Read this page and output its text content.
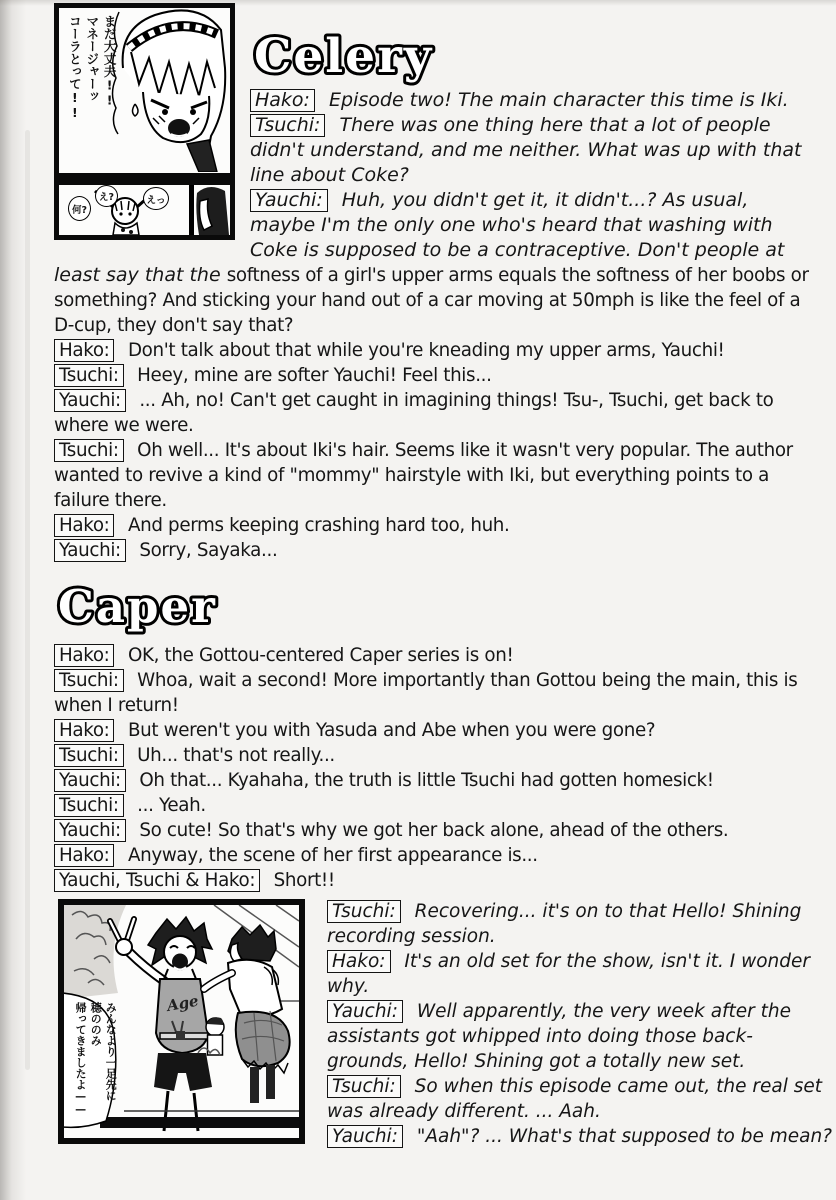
まだ大丈夫!!
マネージャーッ
コーラとって!!
えっ
え?
何?
Celery

Hako: Episode two! The main character this time is Iki.

Tsuchi: There was one thing here that a lot of people didn't understand, and me neither. What was up with that line about Coke?

Yauchi: Huh, you didn't get it, it didn't...? As usual, maybe I'm the only one who's heard that washing with Coke is supposed to be a contraceptive. Don't people at least say that the softness of a girl's upper arms equals the softness of her boobs or something? And sticking your hand out of a car moving at 50mph is like the feel of a D-cup, they don't say that?

Hako: Don't talk about that while you're kneading my upper arms, Yauchi!

Tsuchi: Heey, mine are softer Yauchi! Feel this...

Yauchi: ... Ah, no! Can't get caught in imagining things! Tsu-, Tsuchi, get back to where we were.

Tsuchi: Oh well... It's about Iki's hair. Seems like it wasn't very popular. The author wanted to revive a kind of "mommy" hairstyle with Iki, but everything points to a failure there.

Hako: And perms keeping crashing hard too, huh.

Yauchi: Sorry, Sayaka...

Caper

Hako: OK, the Gottou-centered Caper series is on!

Tsuchi: Whoa, wait a second! More importantly than Gottou being the main, this is when I return!

Hako: But weren't you with Yasuda and Abe when you were gone?

Tsuchi: Uh... that's not really...

Yauchi: Oh that... Kyahaha, the truth is little Tsuchi had gotten homesick!

Tsuchi: ... Yeah.

Yauchi: So cute! So that's why we got her back alone, ahead of the others.

Hako: Anyway, the scene of her first appearance is...

Yauchi, Tsuchi & Hako: Short!!

Age
みんなより一足先に
穂ののみ
帰ってきましたよ——

Tsuchi: Recovering... it's on to that Hello! Shining recording session.

Hako: It's an old set for the show, isn't it. I wonder why.

Yauchi: Well apparently, the very week after the assistants got whipped into doing those back- grounds, Hello! Shining got a totally new set.

Tsuchi: So when this episode came out, the real set was already different. ... Aah.

Yauchi: "Aah"? ... What's that supposed to be mean?
